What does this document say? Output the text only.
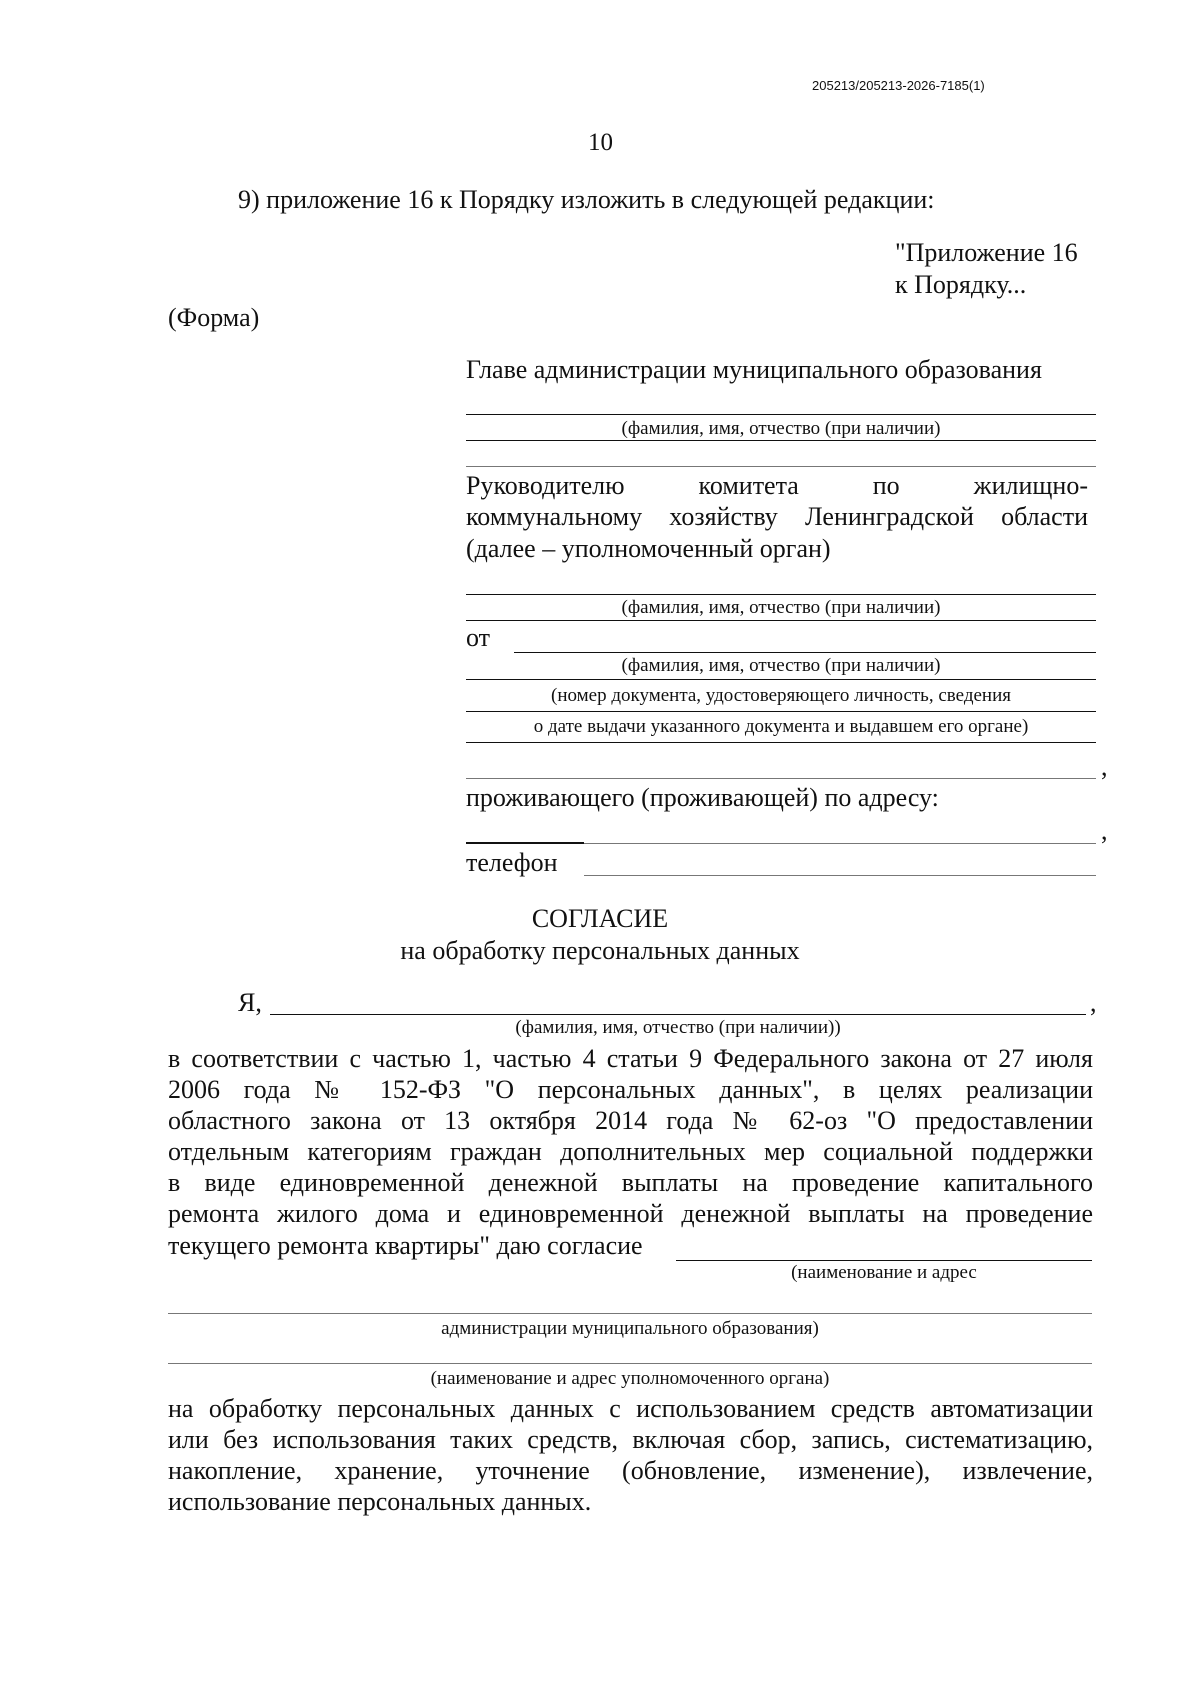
205213/205213-2026-7185(1)
10
9) приложение 16 к Порядку изложить в следующей редакции:
"Приложение 16
к Порядку...
(Форма)
Главе администрации муниципального образования
(фамилия, имя, отчество (при наличии)
Руководителю комитета по жилищно-
коммунальному хозяйству Ленинградской области
(далее – уполномоченный орган)
(фамилия, имя, отчество (при наличии)
от
(фамилия, имя, отчество (при наличии)
(номер документа, удостоверяющего личность, сведения
о дате выдачи указанного документа и выдавшем его органе)
,
проживающего (проживающей) по адресу:
,
телефон
СОГЛАСИЕ
на обработку персональных данных
Я,	,
(фамилия, имя, отчество (при наличии))
в соответствии с частью 1, частью 4 статьи 9 Федерального закона от 27 июля
2006 года № 152-ФЗ "О персональных данных", в целях реализации
областного закона от 13 октября 2014 года № 62-оз "О предоставлении
отдельным категориям граждан дополнительных мер социальной поддержки
в виде единовременной денежной выплаты на проведение капитального
ремонта жилого дома и единовременной денежной выплаты на проведение
текущего ремонта квартиры" даю согласие
(наименование и адрес
администрации муниципального образования)
(наименование и адрес уполномоченного органа)
на обработку персональных данных с использованием средств автоматизации
или без использования таких средств, включая сбор, запись, систематизацию,
накопление, хранение, уточнение (обновление, изменение), извлечение,
использование персональных данных.
